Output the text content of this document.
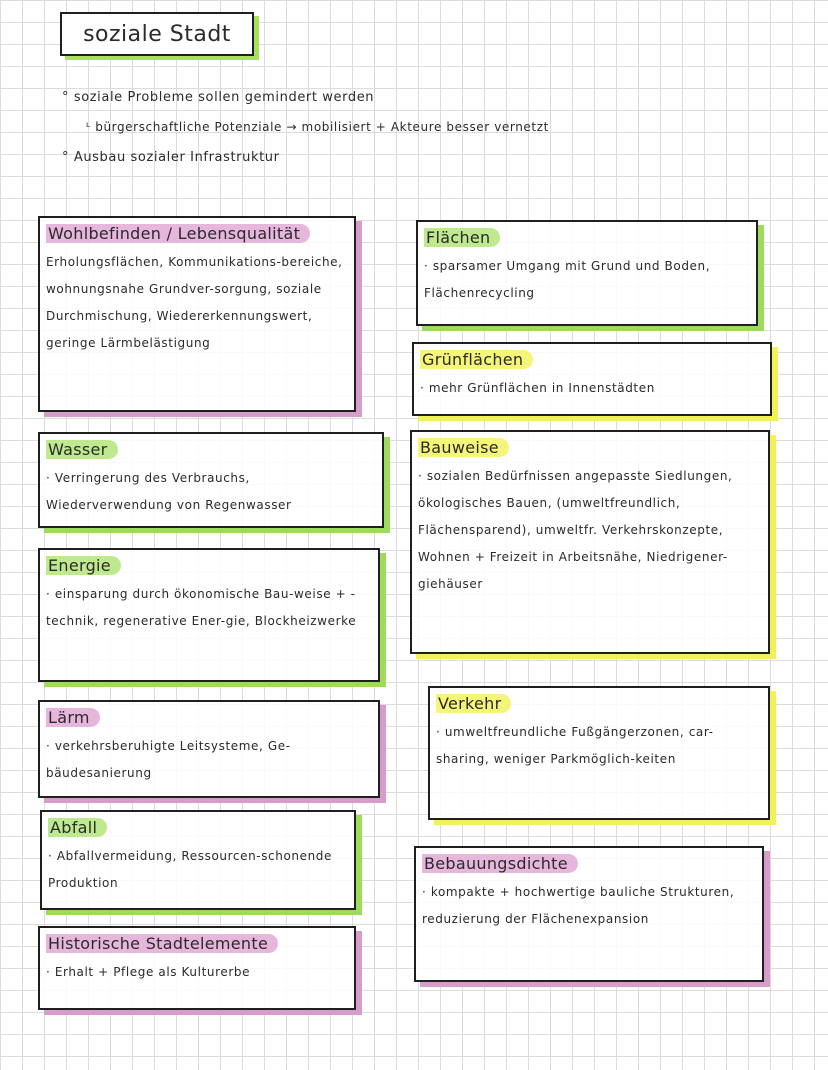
soziale Stadt
° soziale Probleme sollen gemindert werden
ᴸ bürgerschaftliche Potenziale → mobilisiert + Akteure besser vernetzt
° Ausbau sozialer Infrastruktur
Wohlbefinden / Lebensqualität
Erholungsflächen, Kommunikations-bereiche, wohnungsnahe Grundver-sorgung, soziale Durchmischung, Wiedererkennungswert, geringe Lärmbelästigung
Wasser
· Verringerung des Verbrauchs, Wiederverwendung von Regenwasser
Energie
· einsparung durch ökonomische Bau-weise + -technik, regenerative Ener-gie, Blockheizwerke
Lärm
· verkehrsberuhigte Leitsysteme, Ge-bäudesanierung
Abfall
· Abfallvermeidung, Ressourcen-schonende Produktion
Historische Stadtelemente
· Erhalt + Pflege als Kulturerbe
Flächen
· sparsamer Umgang mit Grund und Boden, Flächenrecycling
Grünflächen
· mehr Grünflächen in Innenstädten
Bauweise
· sozialen Bedürfnissen angepasste Siedlungen, ökologisches Bauen, (umweltfreundlich, Flächensparend), umweltfr. Verkehrskonzepte, Wohnen + Freizeit in Arbeitsnähe, Niedrigener-giehäuser
Verkehr
· umweltfreundliche Fußgängerzonen, car-sharing, weniger Parkmöglich-keiten
Bebauungsdichte
· kompakte + hochwertige bauliche Strukturen, reduzierung der Flächenexpansion
